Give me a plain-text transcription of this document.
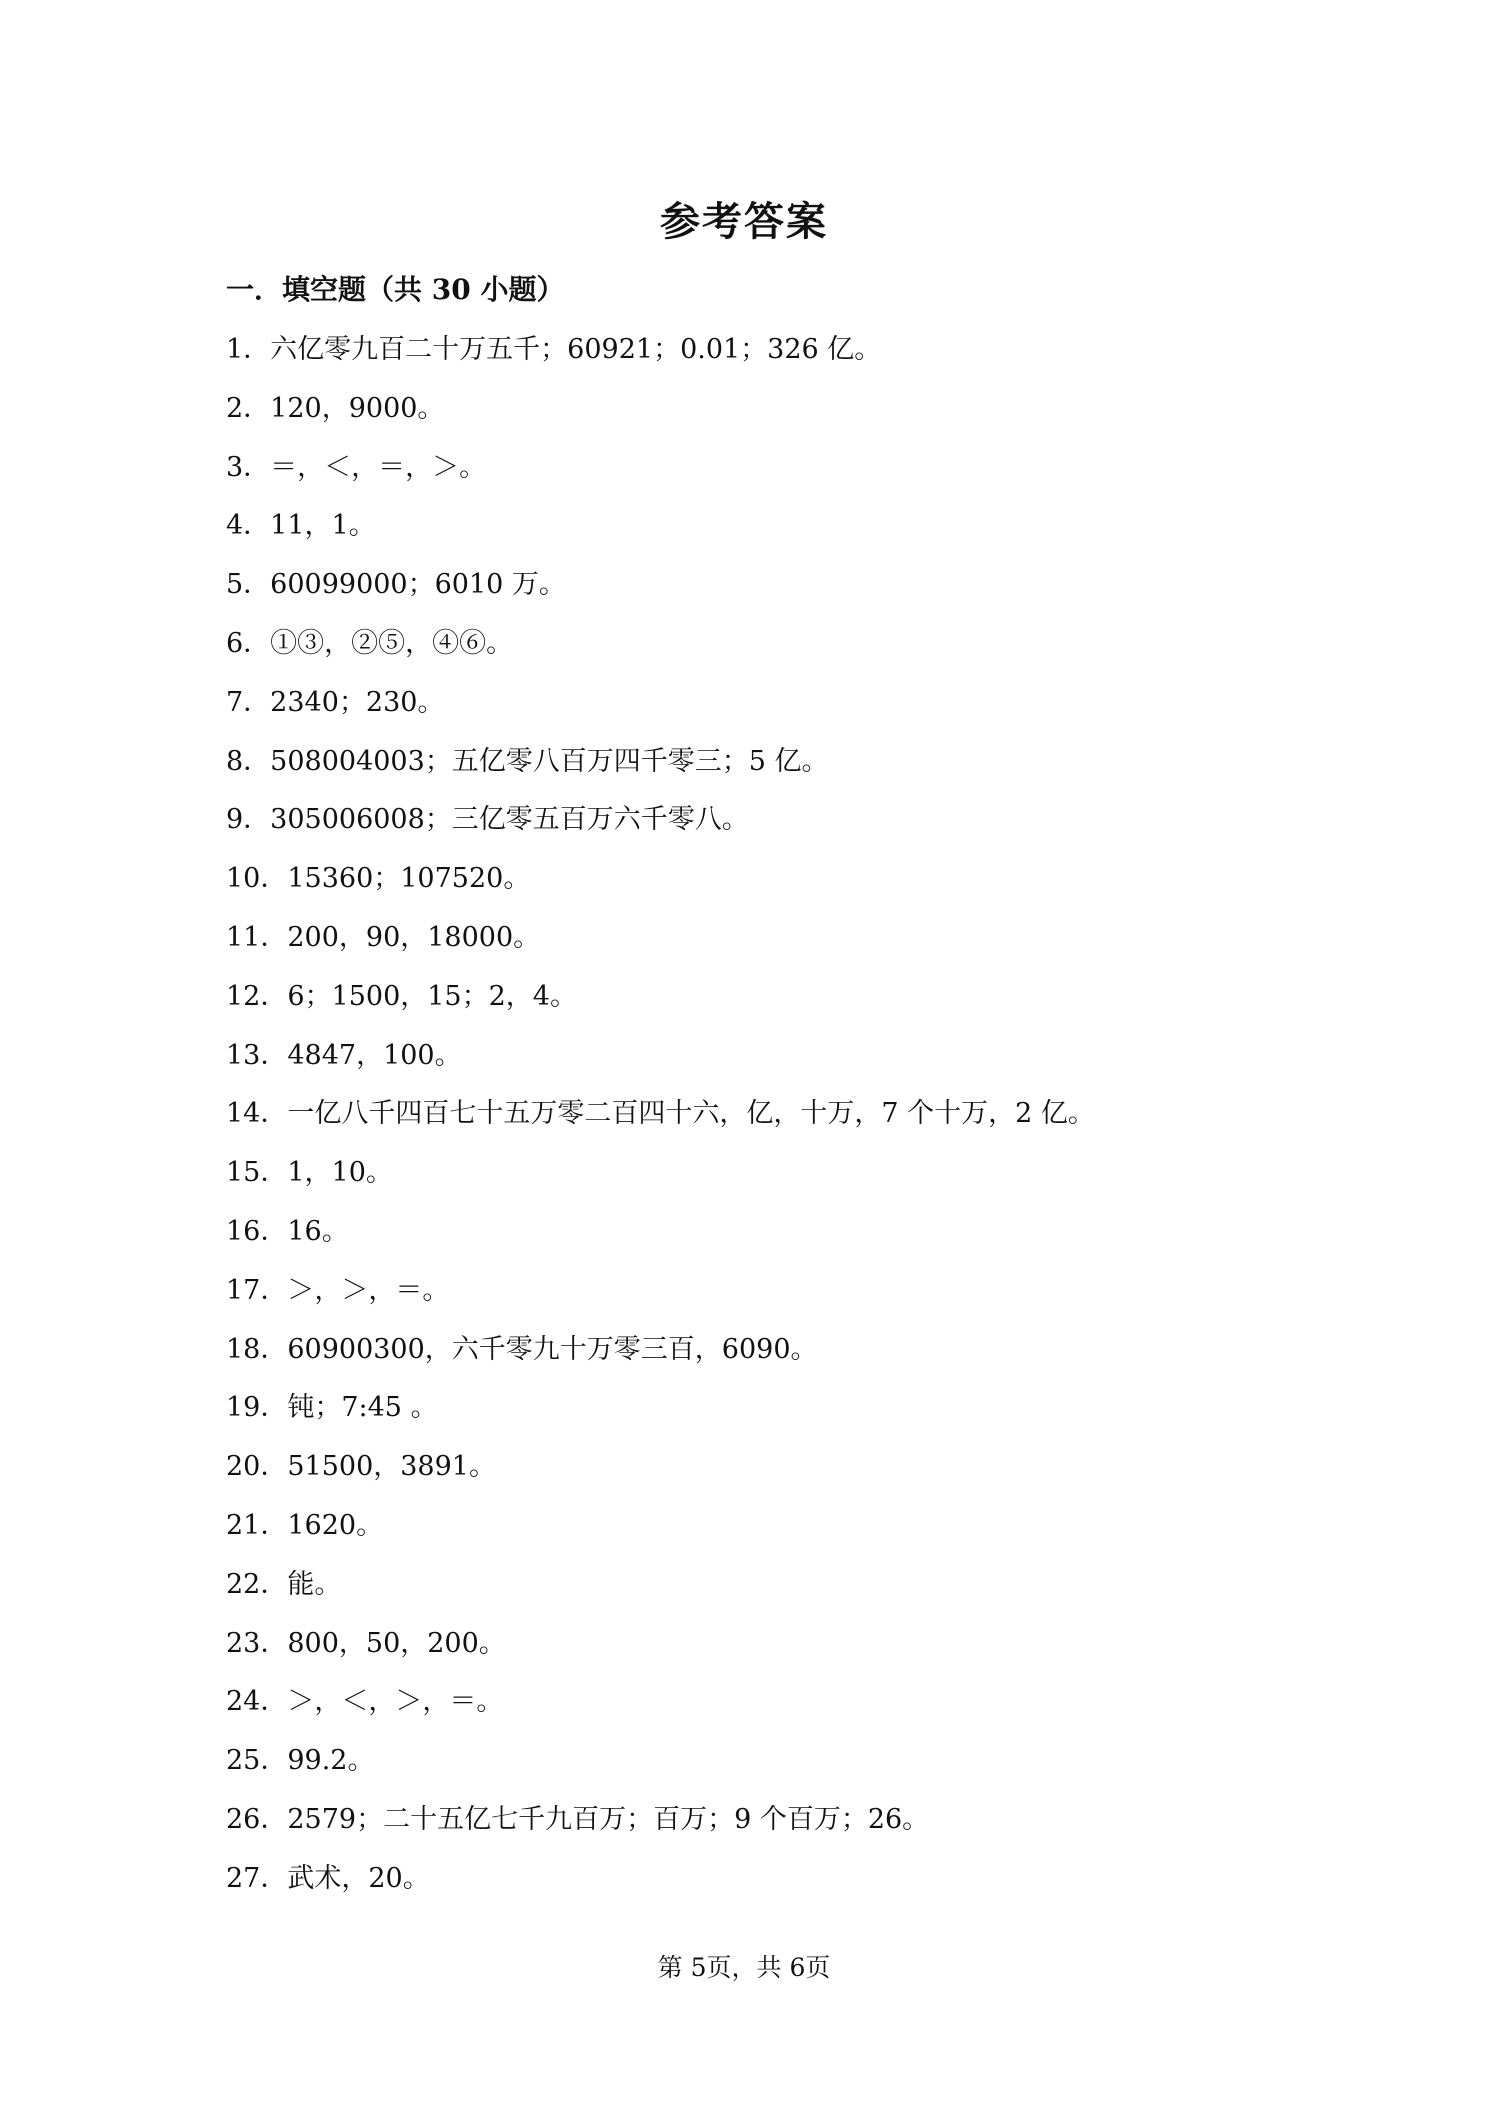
参考答案
一．填空题（共 30 小题）
1．六亿零九百二十万五千；60921；0.01；326 亿。
2．120，9000。
3．＝，＜，＝，＞。
4．11，1。
5．60099000；6010 万。
6．①③，②⑤，④⑥。
7．2340；230。
8．508004003；五亿零八百万四千零三；5 亿。
9．305006008；三亿零五百万六千零八。
10．15360；107520。
11．200，90，18000。
12．6；1500，15；2，4。
13．4847，100。
14．一亿八千四百七十五万零二百四十六，亿，十万，7 个十万，2 亿。
15．1，10。
16．16。
17．＞，＞，＝。
18．60900300，六千零九十万零三百，6090。
19．钝；7:45 。
20．51500，3891。
21．1620。
22．能。
23．800，50，200。
24．＞，＜，＞，＝。
25．99.2。
26．2579；二十五亿七千九百万；百万；9 个百万；26。
27．武术，20。
第 5页，共 6页
